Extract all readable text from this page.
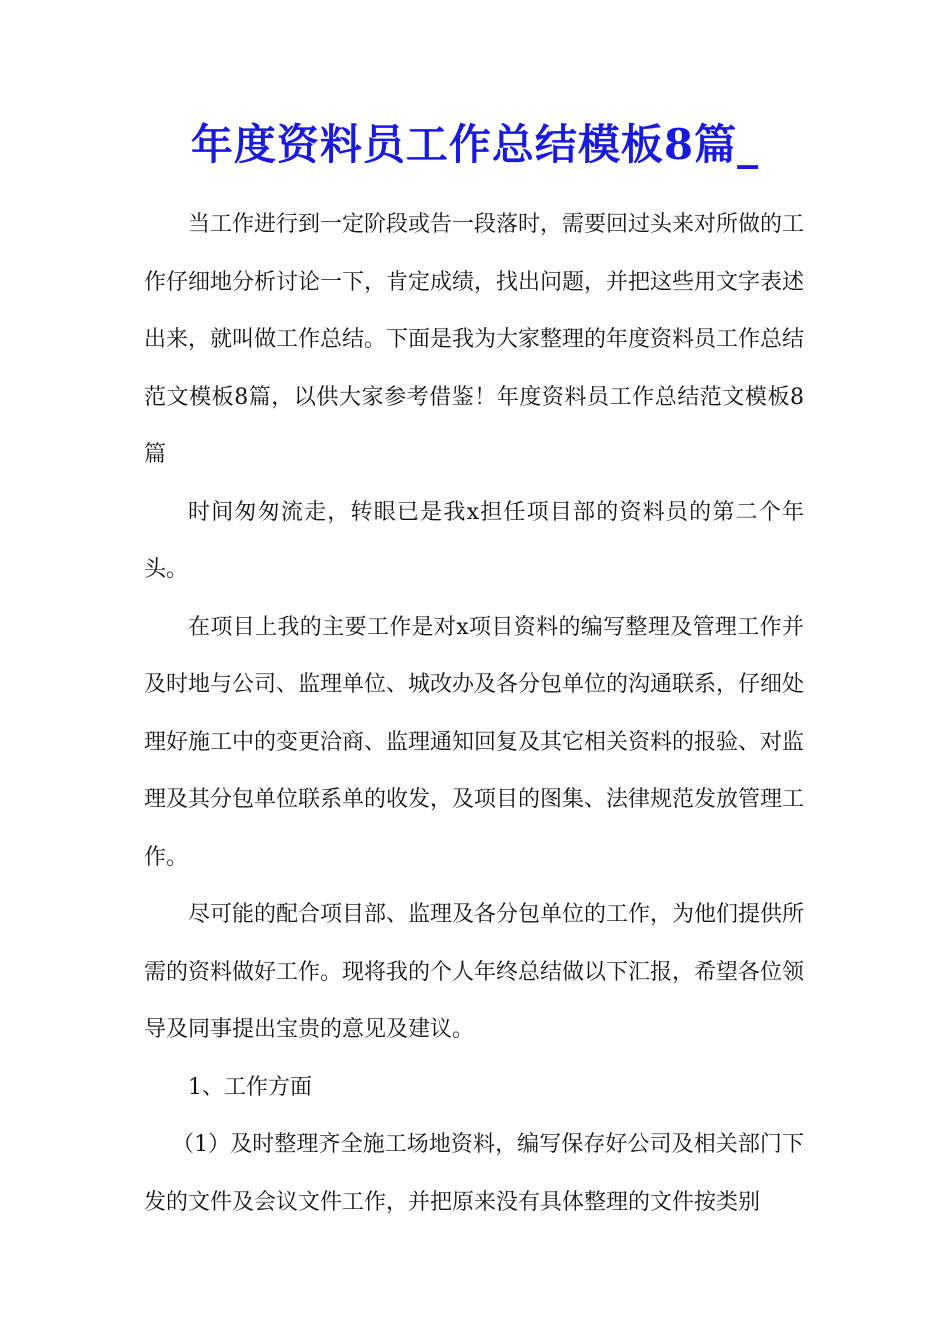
年度资料员工作总结模板8篇_

当工作进行到一定阶段或告一段落时，需要回过头来对所做的工作仔细地分析讨论一下，肯定成绩，找出问题，并把这些用文字表述出来，就叫做工作总结。下面是我为大家整理的年度资料员工作总结范文模板8篇，以供大家参考借鉴！年度资料员工作总结范文模板8篇

时间匆匆流走，转眼已是我x担任项目部的资料员的第二个年头。

在项目上我的主要工作是对x项目资料的编写整理及管理工作并及时地与公司、监理单位、城改办及各分包单位的沟通联系，仔细处理好施工中的变更洽商、监理通知回复及其它相关资料的报验、对监理及其分包单位联系单的收发，及项目的图集、法律规范发放管理工作。

尽可能的配合项目部、监理及各分包单位的工作，为他们提供所需的资料做好工作。现将我的个人年终总结做以下汇报，希望各位领导及同事提出宝贵的意见及建议。

1、工作方面

（1）及时整理齐全施工场地资料，编写保存好公司及相关部门下发的文件及会议文件工作，并把原来没有具体整理的文件按类别
